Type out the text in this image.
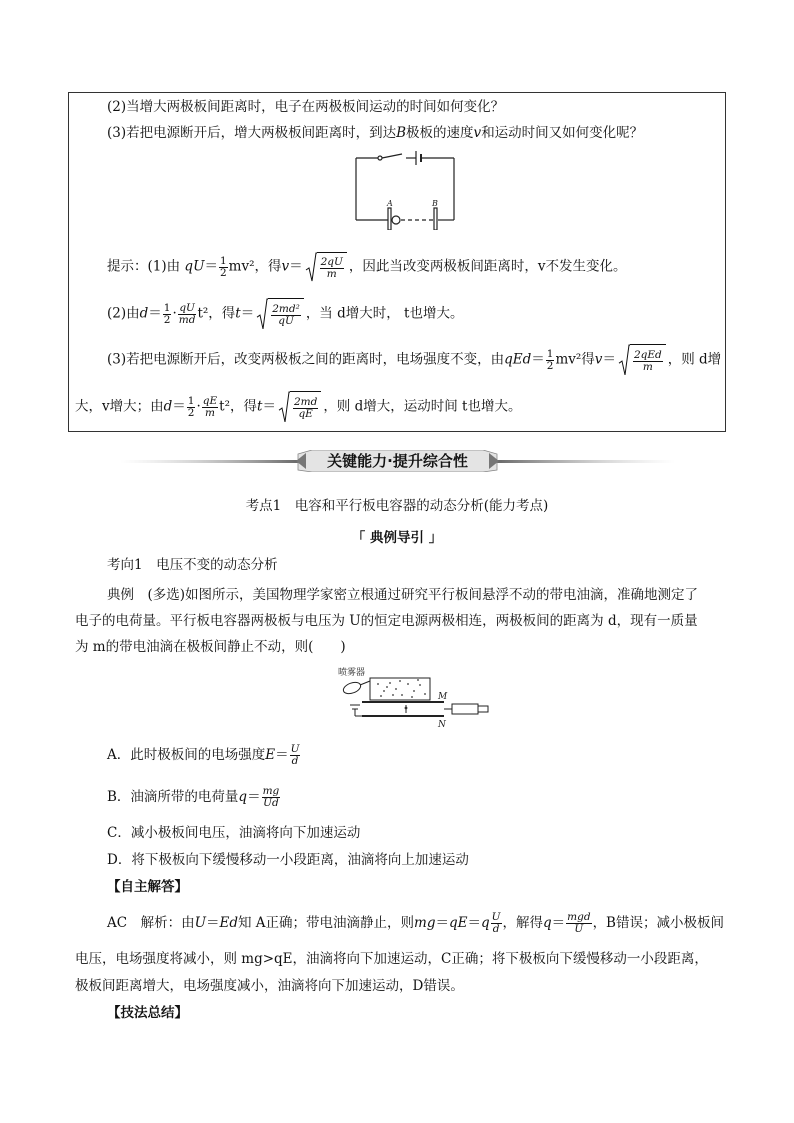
(2)当增大两极板间距离时，电子在两极板间运动的时间如何变化？
(3)若把电源断开后，增大两极板间距离时，到达B极板的速度v和运动时间又如何变化呢？
A	B
提示：(1)由 $qU= \frac{1}{2} mv^2$，得$v= \frac{2qU}{m}$ ，因此当改变两极板间距离时，v不发生变化。
(2)由$d= \frac{1}{2} \cdot \frac{qU}{md} t^2$，得$t= \frac{\text{2md²}}{qU}$ ，当 d增大时， t也增大。
(3)若把电源断开后，改变两极板之间的距离时，电场强度不变，由$qEd= \frac{1}{2} mv^2$得$v= \frac{\text{2qEd}}{m}$ ，则 d增
大，v增大；由$d= \frac{1}{2} \cdot \frac{qE}{m} t^2$，得$t= \frac{2md}{qE}$ ，则 d增大，运动时间 t也增大。
关键能力·提升综合性
考点1　电容和平行板电容器的动态分析(能力考点)
「 典例导引 」
考向1　电压不变的动态分析
典例　(多选)如图所示，美国物理学家密立根通过研究平行板间悬浮不动的带电油滴，准确地测定了
电子的电荷量。平行板电容器两极板与电压为 U的恒定电源两极相连，两极板间的距离为 d，现有一质量
为 m的带电油滴在极板间静止不动，则(　　)
喷雾器
M
N
A．此时极板间的电场强度$E= \frac{U}{d}$
B．油滴所带的电荷量$q= \frac{mg}{Ud}$
C．减小极板间电压，油滴将向下加速运动
D．将下极板向下缓慢移动一小段距离，油滴将向上加速运动
【自主解答】
AC　解析：由U＝Ed知 A正确；带电油滴静止，则$mg=qE=q \frac{U}{d}$ ，解得$q= \frac{\text{mgd}}{U}$ ，B错误；减小极板间
电压，电场强度将减小，则 mg>qE，油滴将向下加速运动，C正确；将下极板向下缓慢移动一小段距离，
极板间距离增大，电场强度减小，油滴将向下加速运动，D错误。
【技法总结】
